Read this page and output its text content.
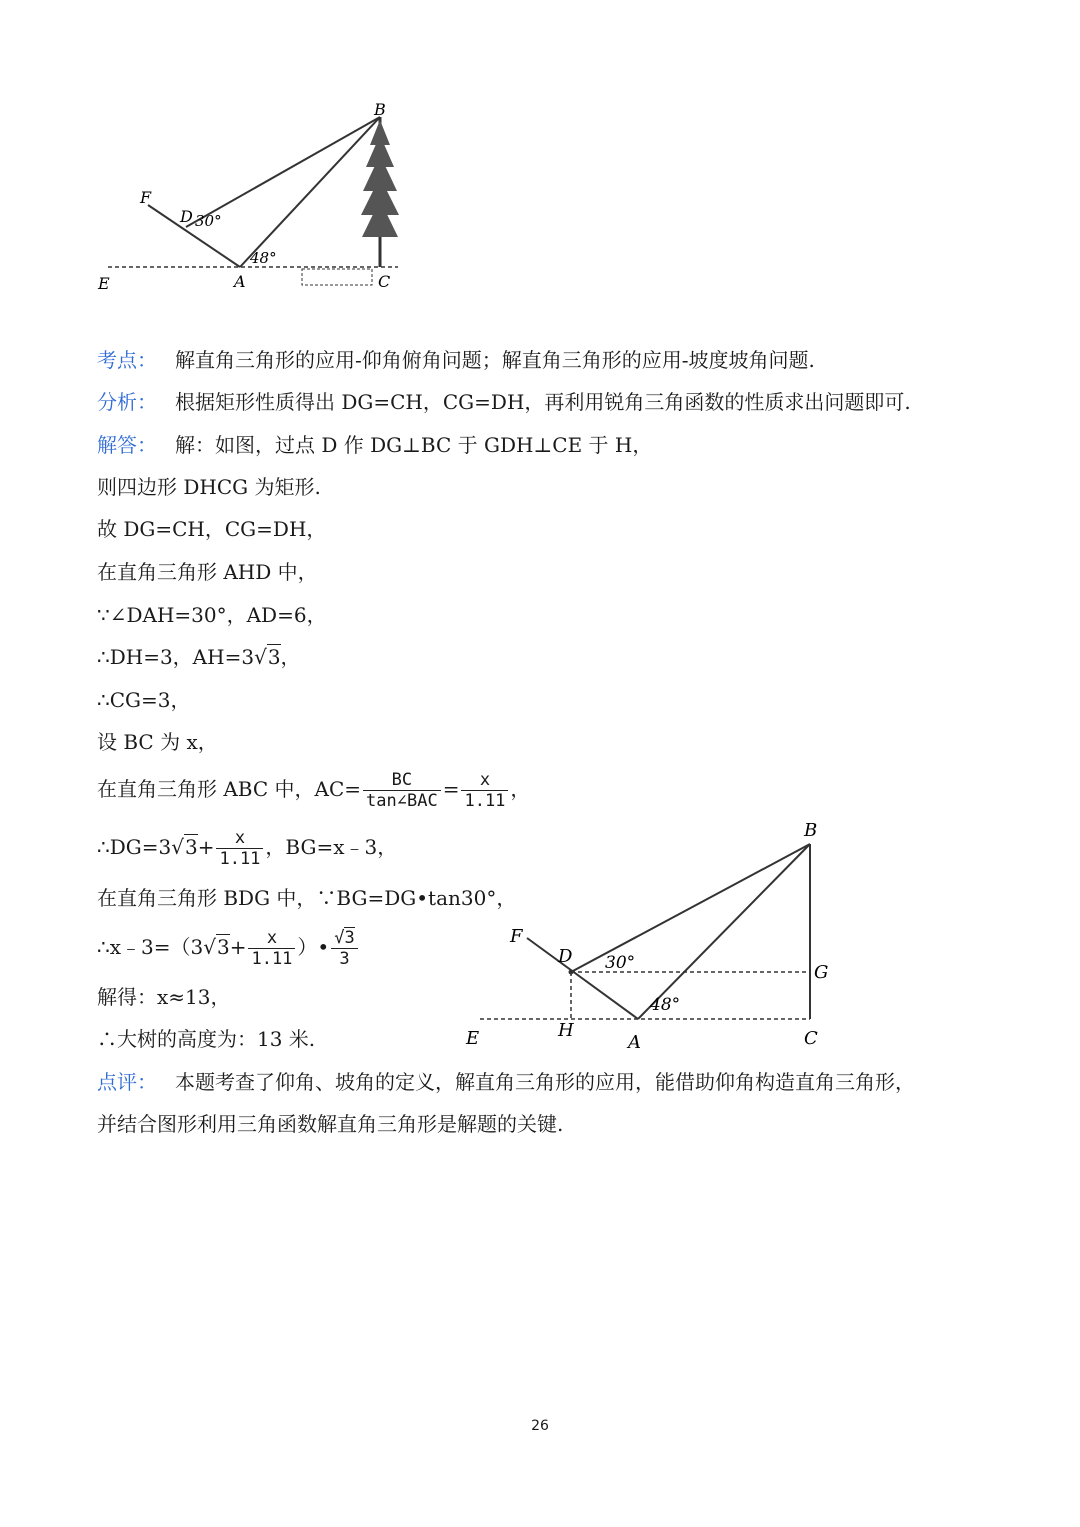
B
F
D 30°
E	A
48°
C
考点： 解直角三角形的应用-仰角俯角问题；解直角三角形的应用-坡度坡角问题.
分析： 根据矩形性质得出 DG=CH，CG=DH，再利用锐角三角函数的性质求出问题即可.
解答： 解：如图，过点 D 作 DG⊥BC 于 GDH⊥CE 于 H，
则四边形 DHCG 为矩形.
故 DG=CH，CG=DH，
在直角三角形 AHD 中，
∵∠DAH=30°，AD=6，
∴DH=3，AH=3√3，
∴CG=3，
设 BC 为 x，
在直角三角形 ABC 中，$AC= \frac{BC}{\text{tan∠BAC}} = \frac{x}{1.11}$ ，
∴DG=3√3+ $\frac{x}{1.11}$ ，BG=x﹣3，
在直角三角形 BDG 中，∵BG=DG•tan30°，
∴x﹣3=（3√3+ $\frac{x}{1.11}$ ）• $\frac{√3}{3}$
解得：x≈13，
∴大树的高度为：13 米.
点评： 本题考查了仰角、坡角的定义，解直角三角形的应用，能借助仰角构造直角三角形，
并结合图形利用三角函数解直角三角形是解题的关键.
B
F
D 30°	G
E	H
A
48°
C
26
